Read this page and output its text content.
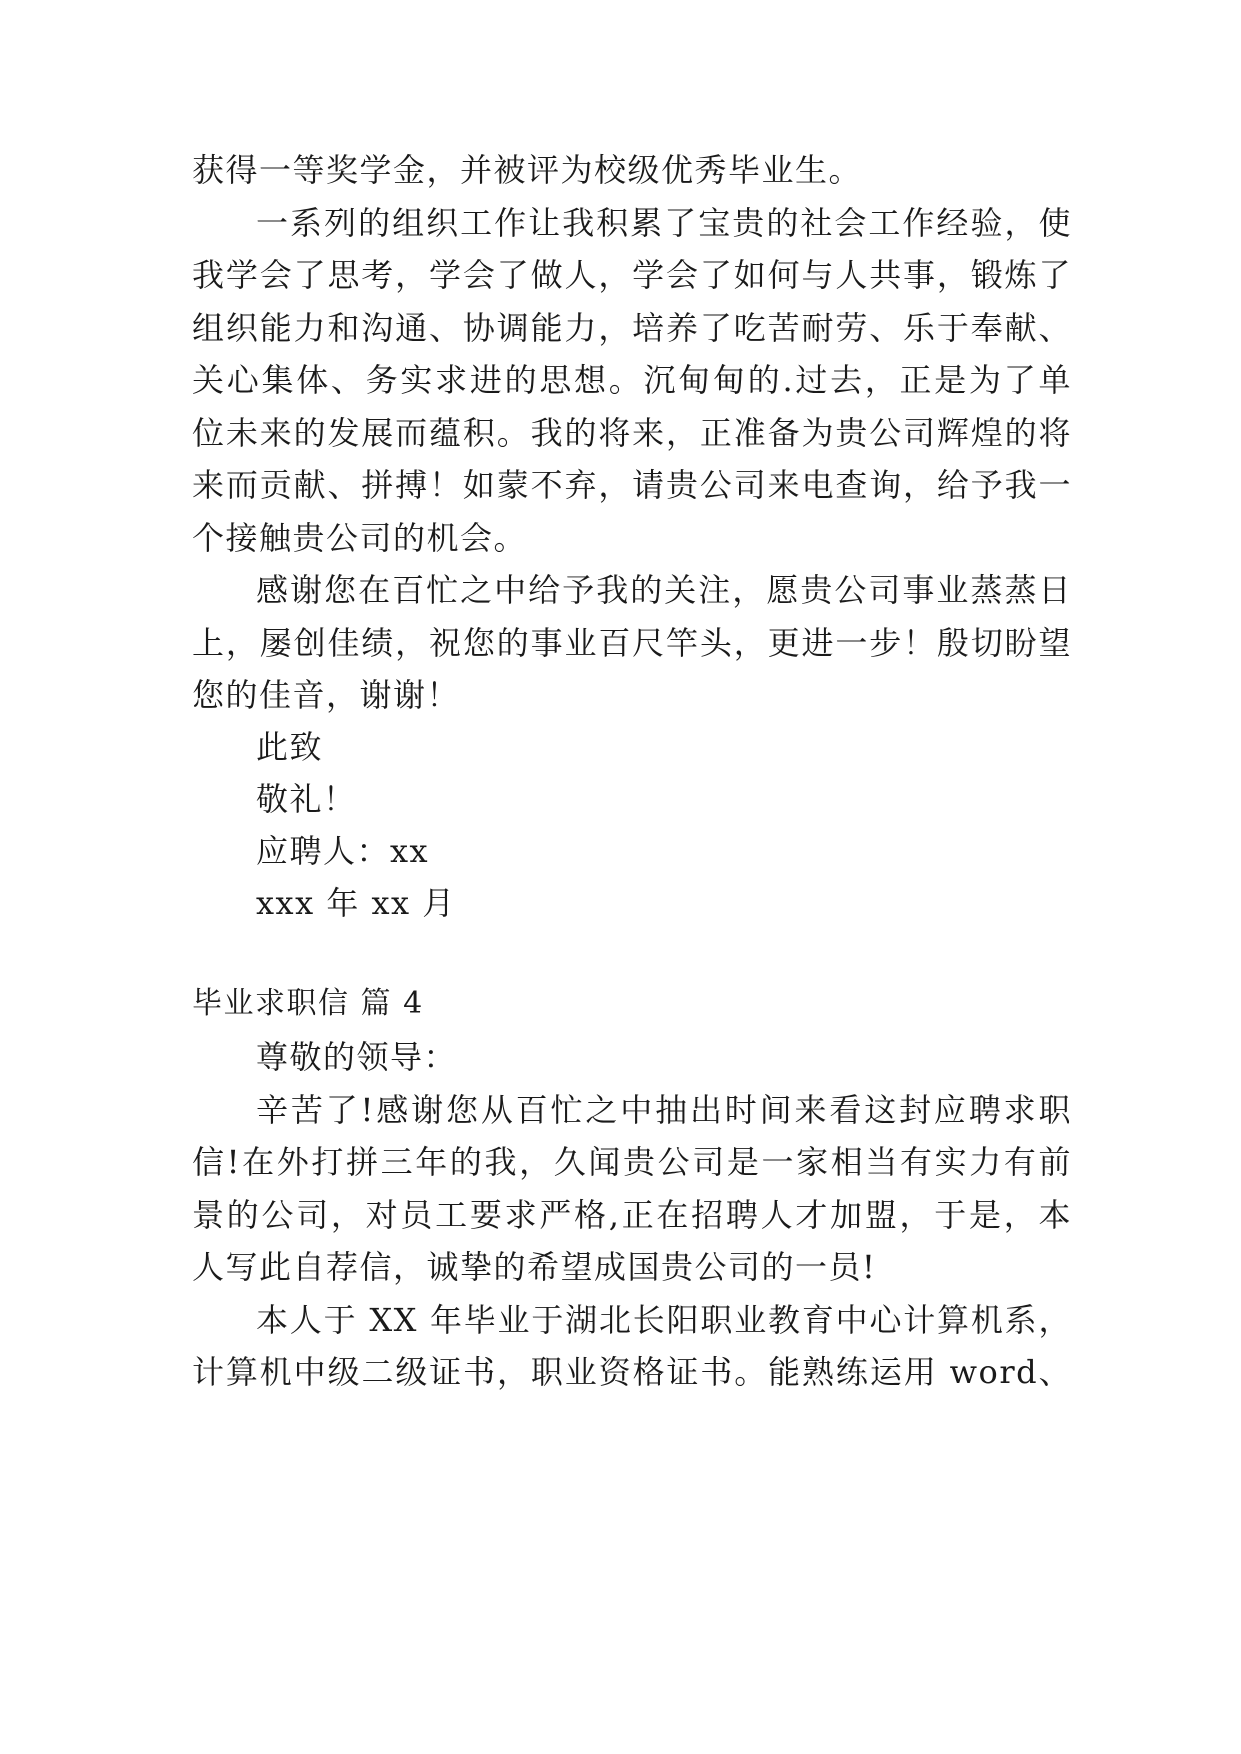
获得一等奖学金，并被评为校级优秀毕业生。
一系列的组织工作让我积累了宝贵的社会工作经验，使
我学会了思考，学会了做人，学会了如何与人共事，锻炼了
组织能力和沟通、协调能力，培养了吃苦耐劳、乐于奉献、
关心集体、务实求进的思想。沉甸甸的.过去，正是为了单
位未来的发展而蕴积。我的将来，正准备为贵公司辉煌的将
来而贡献、拼搏！如蒙不弃，请贵公司来电查询，给予我一
个接触贵公司的机会。
感谢您在百忙之中给予我的关注，愿贵公司事业蒸蒸日
上，屡创佳绩，祝您的事业百尺竿头，更进一步！殷切盼望
您的佳音，谢谢！
此致
敬礼！
应聘人：xx
xxx 年 xx 月
毕业求职信 篇 4
尊敬的领导：
辛苦了!感谢您从百忙之中抽出时间来看这封应聘求职
信!在外打拼三年的我，久闻贵公司是一家相当有实力有前
景的公司，对员工要求严格,正在招聘人才加盟，于是，本
人写此自荐信，诚挚的希望成国贵公司的一员!
本人于 XX 年毕业于湖北长阳职业教育中心计算机系，
计算机中级二级证书，职业资格证书。能熟练运用 word、
